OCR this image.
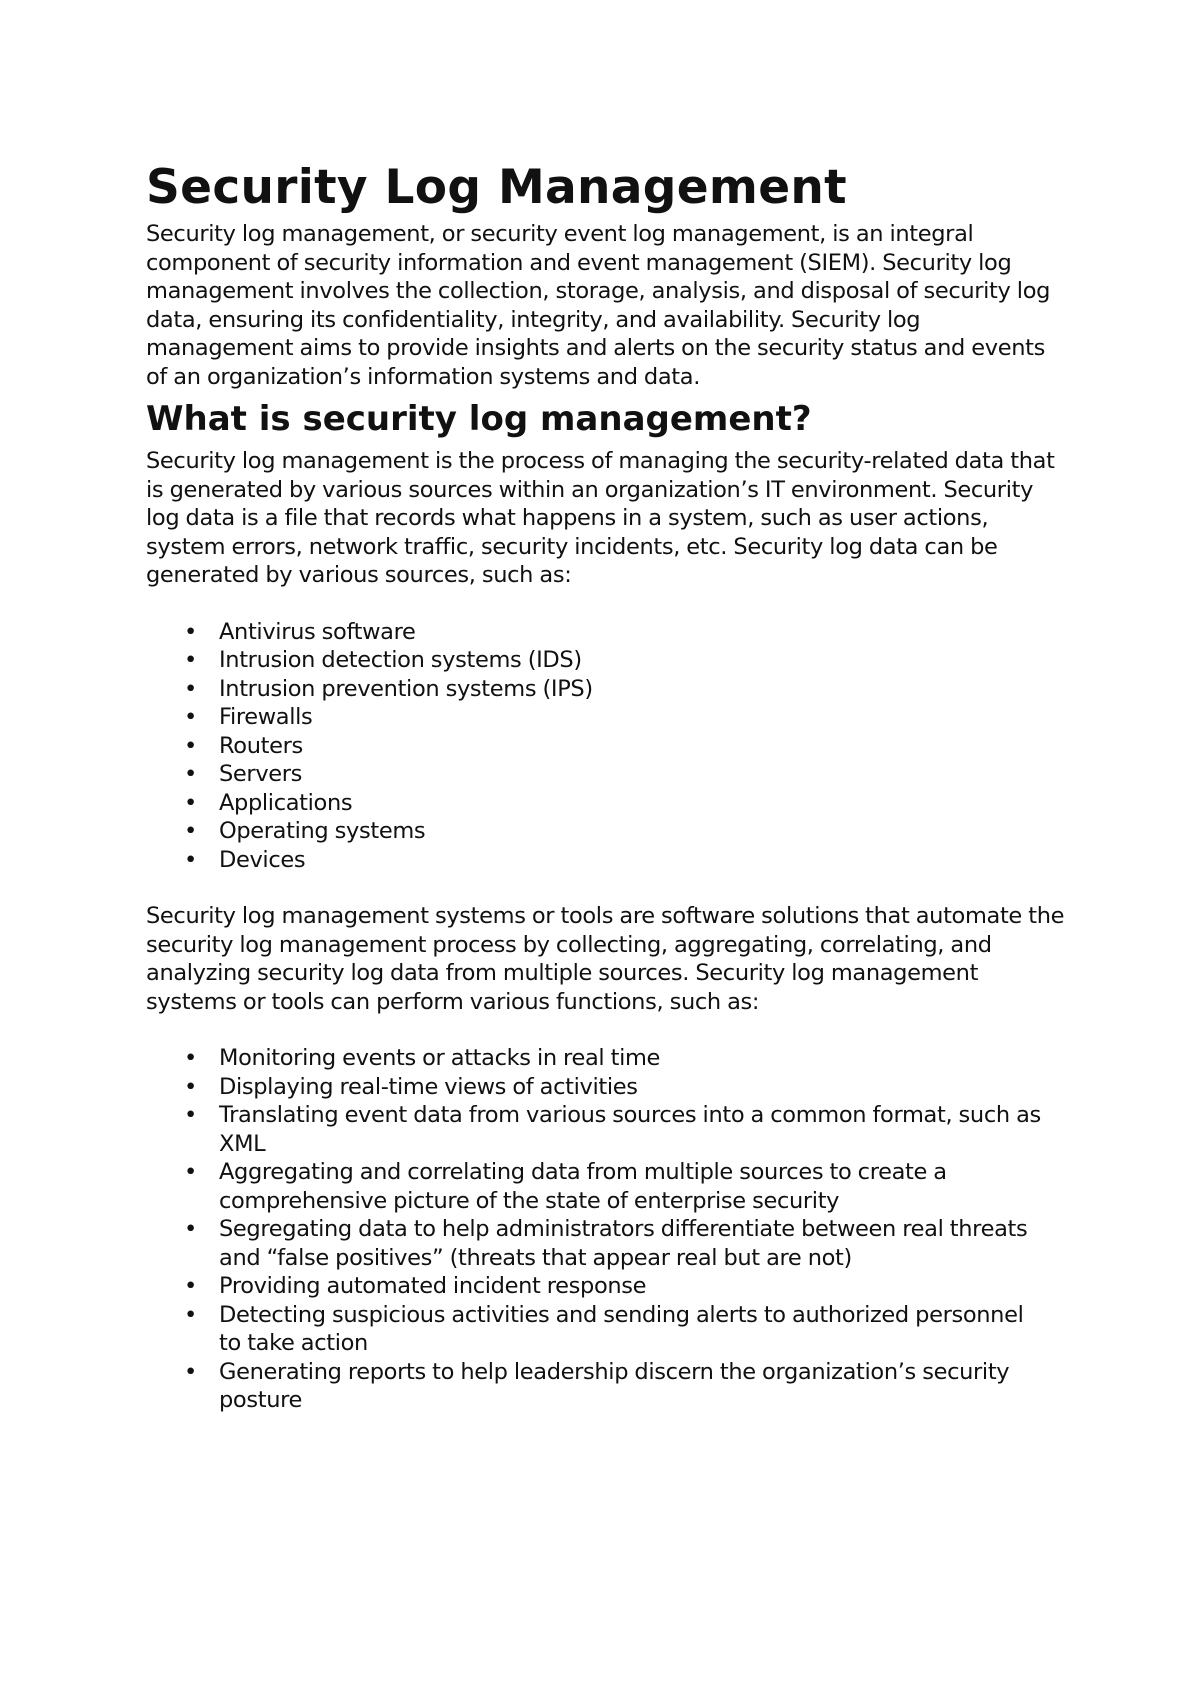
Security Log Management

Security log management, or security event log management, is an integral component of security information and event management (SIEM). Security log management involves the collection, storage, analysis, and disposal of security log data, ensuring its confidentiality, integrity, and availability. Security log management aims to provide insights and alerts on the security status and events of an organization’s information systems and data.

What is security log management?

Security log management is the process of managing the security-related data that is generated by various sources within an organization’s IT environment. Security log data is a file that records what happens in a system, such as user actions, system errors, network traffic, security incidents, etc. Security log data can be generated by various sources, such as:

• Antivirus software
• Intrusion detection systems (IDS)
• Intrusion prevention systems (IPS)
• Firewalls
• Routers
• Servers
• Applications
• Operating systems
• Devices

Security log management systems or tools are software solutions that automate the security log management process by collecting, aggregating, correlating, and analyzing security log data from multiple sources. Security log management systems or tools can perform various functions, such as:

• Monitoring events or attacks in real time
• Displaying real-time views of activities
• Translating event data from various sources into a common format, such as XML
• Aggregating and correlating data from multiple sources to create a comprehensive picture of the state of enterprise security
• Segregating data to help administrators differentiate between real threats and “false positives” (threats that appear real but are not)
• Providing automated incident response
• Detecting suspicious activities and sending alerts to authorized personnel to take action
• Generating reports to help leadership discern the organization’s security posture
